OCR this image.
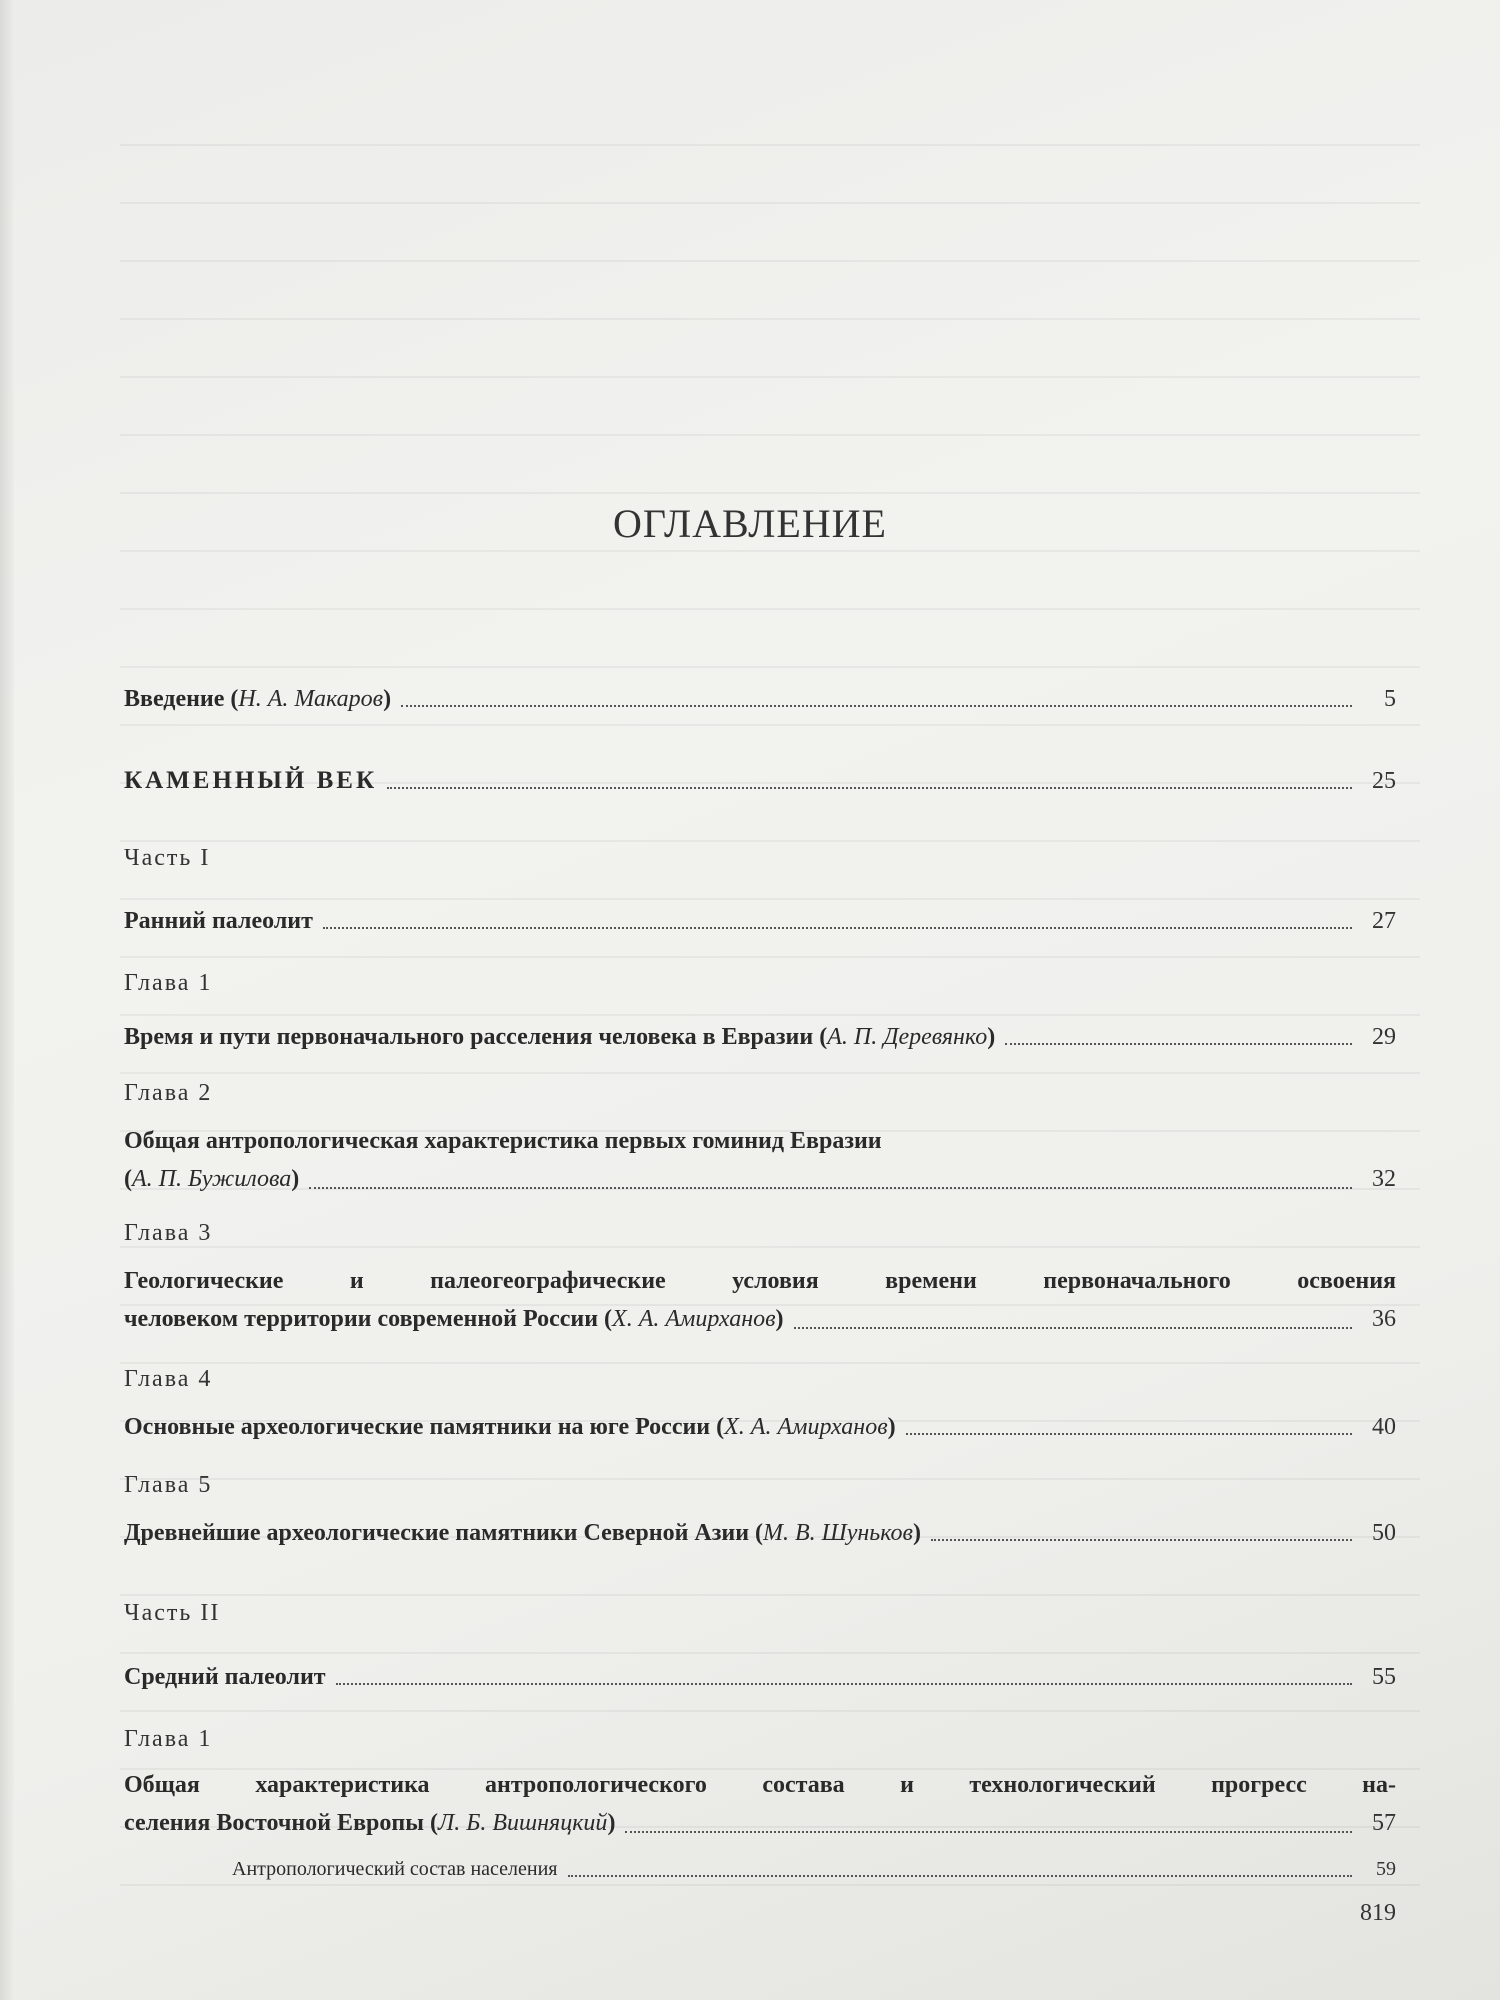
ОГЛАВЛЕНИЕ
Введение (Н. А. Макаров)	5
КАМЕННЫЙ ВЕК	25
Часть I
Ранний палеолит	27
Глава 1
Время и пути первоначального расселения человека в Евразии (А. П. Деревянко)	29
Глава 2
Общая антропологическая характеристика первых гоминид Евразии
(А. П. Бужилова)	32
Глава 3
Геологические и палеогеографические условия времени первоначального освоения
человеком территории современной России (Х. А. Амирханов)	36
Глава 4
Основные археологические памятники на юге России (Х. А. Амирханов)	40
Глава 5
Древнейшие археологические памятники Северной Азии (М. В. Шуньков)	50
Часть II
Средний палеолит	55
Глава 1
Общая характеристика антропологического состава и технологический прогресс на-
селения Восточной Европы (Л. Б. Вишняцкий)	57
Антропологический состав населения	59
819
